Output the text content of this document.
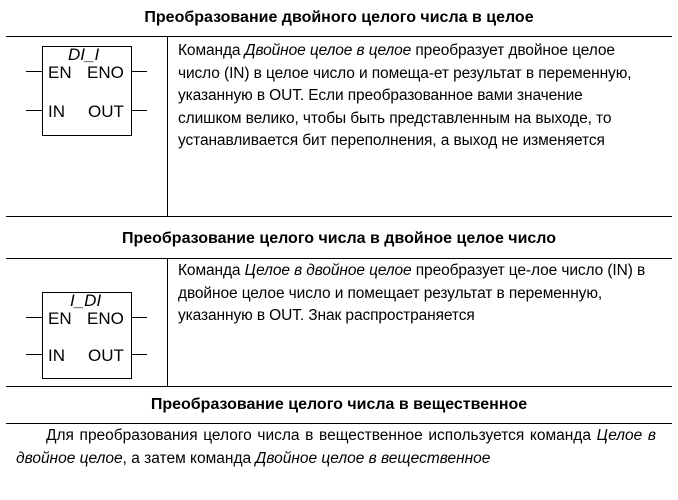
Преобразование двойного целого числа в целое
DI_I
EN ENO
IN OUT
Команда Двойное целое в целое преобразует двойное целое число (IN) в целое число и помеща-ет результат в переменную, указанную в OUT. Если преобразованное вами значение слишком велико, чтобы быть представленным на выходе, то устанавливается бит переполнения, а выход не изменяется
Преобразование целого числа в двойное целое число
I_DI
EN ENO
IN OUT
Команда Целое в двойное целое преобразует це-лое число (IN) в двойное целое число и помещает результат в переменную, указанную в OUT. Знак распространяется
Преобразование целого числа в вещественное
Для преобразования целого числа в вещественное используется команда Целое в двойное целое, а затем команда Двойное целое в вещественное
